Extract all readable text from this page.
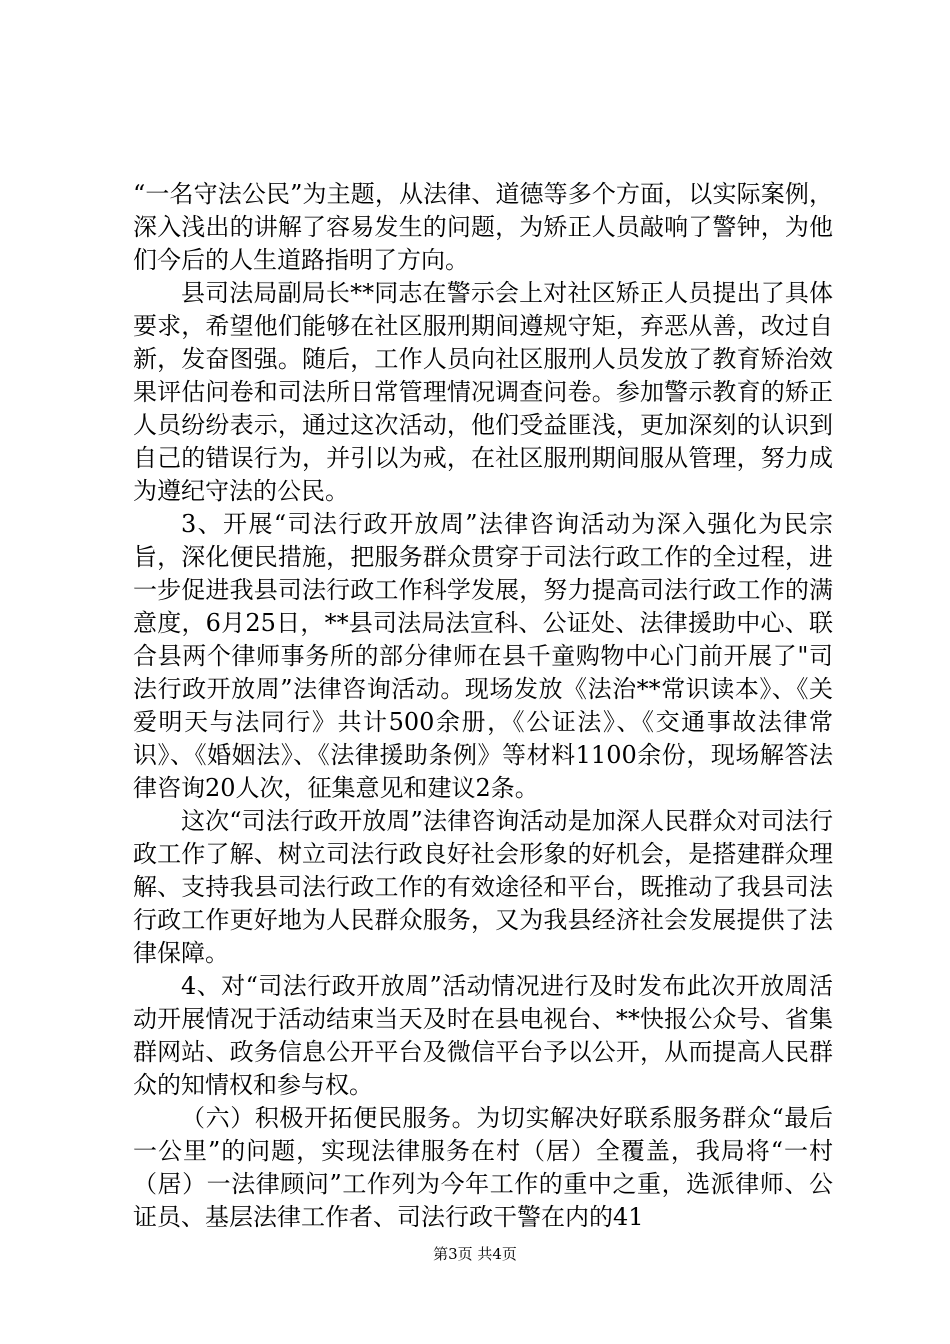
“一名守法公民”为主题，从法律、道德等多个方面，以实际案例，深入浅出的讲解了容易发生的问题，为矫正人员敲响了警钟，为他们今后的人生道路指明了方向。

县司法局副局长**同志在警示会上对社区矫正人员提出了具体要求，希望他们能够在社区服刑期间遵规守矩，弃恶从善，改过自新，发奋图强。随后，工作人员向社区服刑人员发放了教育矫治效果评估问卷和司法所日常管理情况调查问卷。参加警示教育的矫正人员纷纷表示，通过这次活动，他们受益匪浅，更加深刻的认识到自己的错误行为，并引以为戒，在社区服刑期间服从管理，努力成为遵纪守法的公民。

3、开展“司法行政开放周”法律咨询活动为深入强化为民宗旨，深化便民措施，把服务群众贯穿于司法行政工作的全过程，进一步促进我县司法行政工作科学发展，努力提高司法行政工作的满意度，6月25日，**县司法局法宣科、公证处、法律援助中心、联合县两个律师事务所的部分律师在县千童购物中心门前开展了"司法行政开放周”法律咨询活动。现场发放《法治**常识读本》、《关爱明天与法同行》共计500余册，《公证法》、《交通事故法律常识》、《婚姻法》、《法律援助条例》等材料1100余份，现场解答法律咨询20人次，征集意见和建议2条。

这次“司法行政开放周”法律咨询活动是加深人民群众对司法行政工作了解、树立司法行政良好社会形象的好机会，是搭建群众理解、支持我县司法行政工作的有效途径和平台，既推动了我县司法行政工作更好地为人民群众服务，又为我县经济社会发展提供了法律保障。

4、对“司法行政开放周”活动情况进行及时发布此次开放周活动开展情况于活动结束当天及时在县电视台、**快报公众号、省集群网站、政务信息公开平台及微信平台予以公开，从而提高人民群众的知情权和参与权。

（六）积极开拓便民服务。为切实解决好联系服务群众“最后一公里”的问题，实现法律服务在村（居）全覆盖，我局将“一村（居）一法律顾问”工作列为今年工作的重中之重，选派律师、公证员、基层法律工作者、司法行政干警在内的41

第3页 共4页
